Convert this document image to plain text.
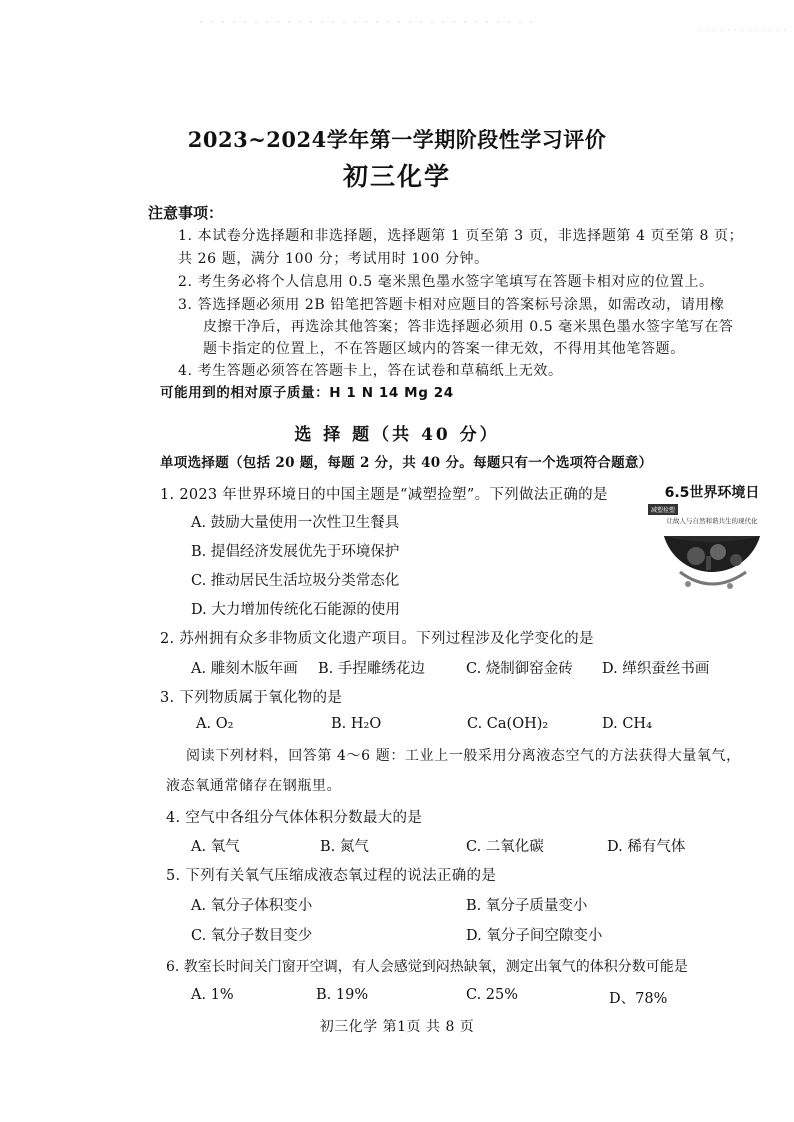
2023~2024学年第一学期阶段性学习评价
初三化学
注意事项：
1. 本试卷分选择题和非选择题，选择题第 1 页至第 3 页，非选择题第 4 页至第 8 页；
共 26 题，满分 100 分；考试用时 100 分钟。
2. 考生务必将个人信息用 0.5 毫米黑色墨水签字笔填写在答题卡相对应的位置上。
3. 答选择题必须用 2B 铅笔把答题卡相对应题目的答案标号涂黑，如需改动，请用橡
皮擦干净后，再选涂其他答案；答非选择题必须用 0.5 毫米黑色墨水签字笔写在答
题卡指定的位置上，不在答题区域内的答案一律无效，不得用其他笔答题。
4. 考生答题必须答在答题卡上，答在试卷和草稿纸上无效。
可能用到的相对原子质量：H 1 N 14 Mg 24
选 择 题（共 40 分）
单项选择题（包括 20 题，每题 2 分，共 40 分。每题只有一个选项符合题意）
1. 2023 年世界环境日的中国主题是“减塑捡塑”。下列做法正确的是
A. 鼓励大量使用一次性卫生餐具
B. 提倡经济发展优先于环境保护
C. 推动居民生活垃圾分类常态化
D. 大力增加传统化石能源的使用
6.5世界环境日
减塑捡塑
让故人与自然和谐共生的现代化
2. 苏州拥有众多非物质文化遗产项目。下列过程涉及化学变化的是
A. 雕刻木版年画 B. 手捏雕绣花边	C. 烧制御窑金砖 D. 缂织蚕丝书画
3. 下列物质属于氧化物的是
A. O₂	B. H₂O	C. Ca(OH)₂	D. CH₄
阅读下列材料，回答第 4～6 题：工业上一般采用分离液态空气的方法获得大量氧气，
液态氧通常储存在钢瓶里。
4. 空气中各组分气体体积分数最大的是
A. 氧气	B. 氮气	C. 二氧化碳	D. 稀有气体
5. 下列有关氧气压缩成液态氧过程的说法正确的是
A. 氧分子体积变小	B. 氧分子质量变小
C. 氧分子数目变少	D. 氧分子间空隙变小
6. 教室长时间关门窗开空调，有人会感觉到闷热缺氧，测定出氧气的体积分数可能是
A. 1%	B. 19%	C. 25%	D、78%
初三化学 第1页 共 8 页
